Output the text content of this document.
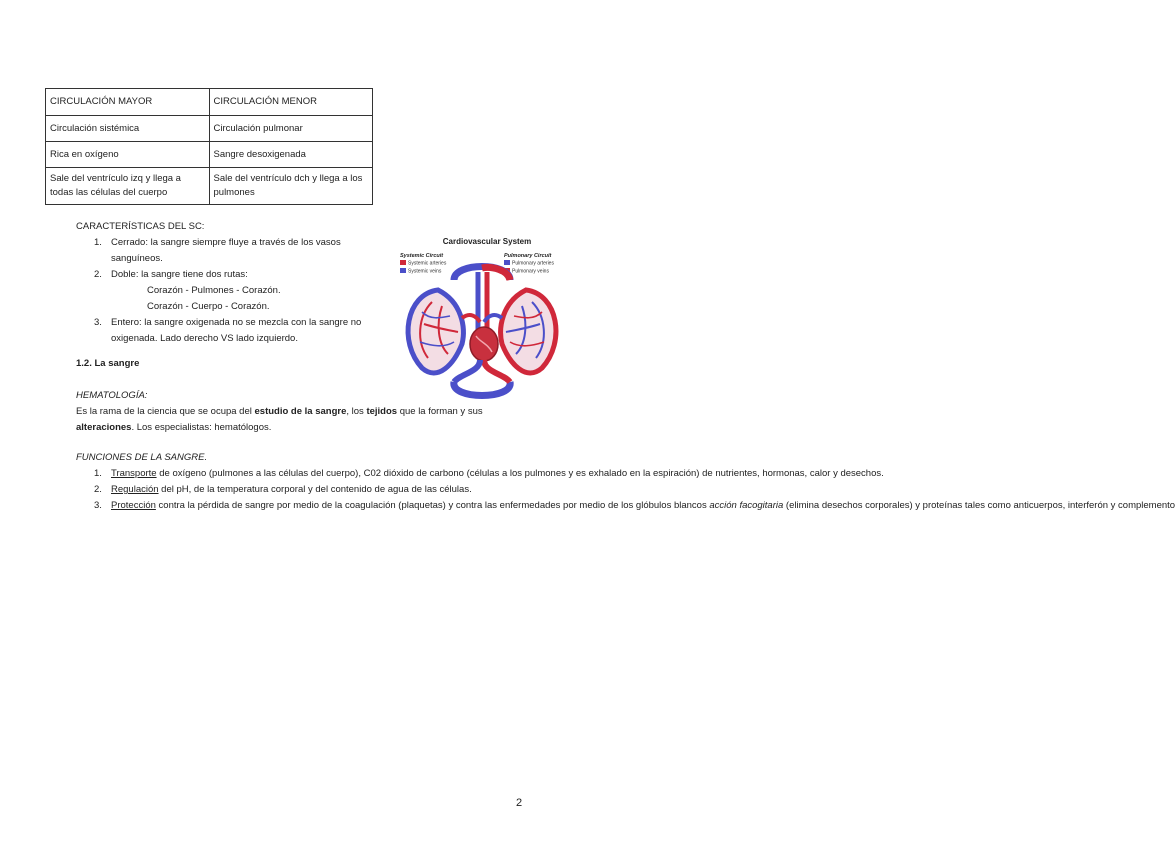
CIRCULACIÓN MAYOR	CIRCULACIÓN MENOR
Circulación sistémica	Circulación pulmonar
Rica en oxígeno	Sangre desoxigenada
Sale del ventrículo izq y llega a todas las células del cuerpo	Sale del ventrículo dch y llega a los pulmones
CARACTERÍSTICAS DEL SC:
1. Cerrado: la sangre siempre fluye a través de los vasos
sanguíneos.
2. Doble: la sangre tiene dos rutas:
Corazón - Pulmones - Corazón.
Corazón - Cuerpo - Corazón.
3. Entero: la sangre oxigenada no se mezcla con la sangre no
oxigenada. Lado derecho VS lado izquierdo.
Cardiovascular System
Systemic Circuit
Systemic arteries
Systemic veins
Pulmonary Circuit
Pulmonary arteries
Pulmonary veins
1.2. La sangre
HEMATOLOGÍA:
Es la rama de la ciencia que se ocupa del estudio de la sangre, los tejidos que la forman y sus alteraciones. Los especialistas: hematólogos.
FUNCIONES DE LA SANGRE.
1. Transporte de oxígeno (pulmones a las células del cuerpo), C02 dióxido de carbono (células a los pulmones y es exhalado en la espiración) de nutrientes, hormonas, calor y desechos.
2. Regulación del pH, de la temperatura corporal y del contenido de agua de las células.
3. Protección contra la pérdida de sangre por medio de la coagulación (plaquetas) y contra las enfermedades por medio de los glóbulos blancos acción facogitaria (elimina desechos corporales) y proteínas tales como anticuerpos, interferón y complemento
2
